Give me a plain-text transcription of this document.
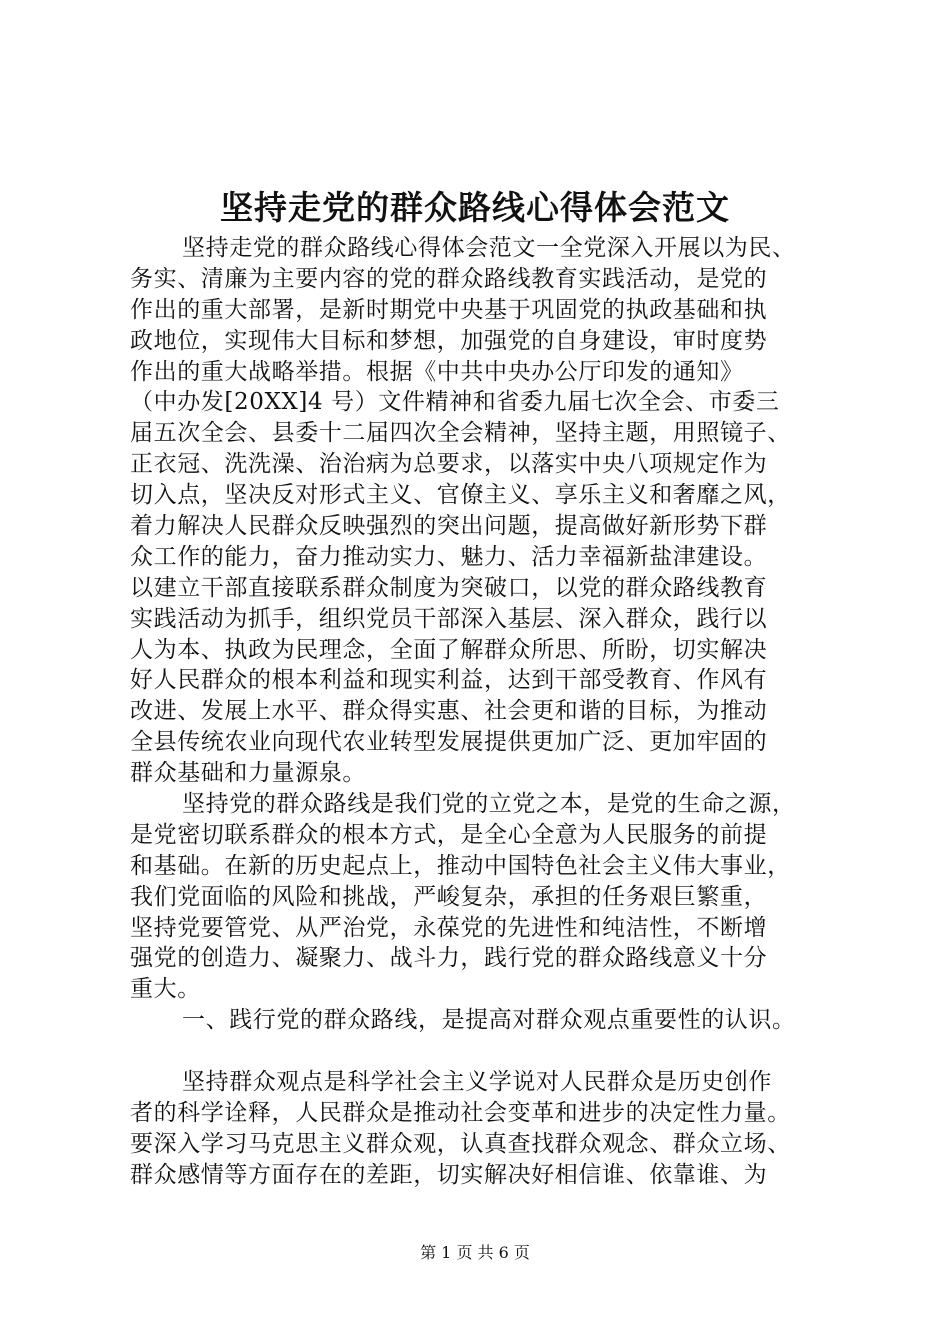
坚持走党的群众路线心得体会范文
坚持走党的群众路线心得体会范文一全党深入开展以为民、
务实、清廉为主要内容的党的群众路线教育实践活动，是党的
作出的重大部署，是新时期党中央基于巩固党的执政基础和执
政地位，实现伟大目标和梦想，加强党的自身建设，审时度势
作出的重大战略举措。根据《中共中央办公厅印发的通知》
（中办发[20XX]4 号）文件精神和省委九届七次全会、市委三
届五次全会、县委十二届四次全会精神，坚持主题，用照镜子、
正衣冠、洗洗澡、治治病为总要求，以落实中央八项规定作为
切入点，坚决反对形式主义、官僚主义、享乐主义和奢靡之风，
着力解决人民群众反映强烈的突出问题，提高做好新形势下群
众工作的能力，奋力推动实力、魅力、活力幸福新盐津建设。
以建立干部直接联系群众制度为突破口，以党的群众路线教育
实践活动为抓手，组织党员干部深入基层、深入群众，践行以
人为本、执政为民理念，全面了解群众所思、所盼，切实解决
好人民群众的根本利益和现实利益，达到干部受教育、作风有
改进、发展上水平、群众得实惠、社会更和谐的目标，为推动
全县传统农业向现代农业转型发展提供更加广泛、更加牢固的
群众基础和力量源泉。
坚持党的群众路线是我们党的立党之本，是党的生命之源，
是党密切联系群众的根本方式，是全心全意为人民服务的前提
和基础。在新的历史起点上，推动中国特色社会主义伟大事业，
我们党面临的风险和挑战，严峻复杂，承担的任务艰巨繁重，
坚持党要管党、从严治党，永葆党的先进性和纯洁性，不断增
强党的创造力、凝聚力、战斗力，践行党的群众路线意义十分
重大。
一、践行党的群众路线，是提高对群众观点重要性的认识。
坚持群众观点是科学社会主义学说对人民群众是历史创作
者的科学诠释，人民群众是推动社会变革和进步的决定性力量。
要深入学习马克思主义群众观，认真查找群众观念、群众立场、
群众感情等方面存在的差距，切实解决好相信谁、依靠谁、为
第 1 页 共 6 页
